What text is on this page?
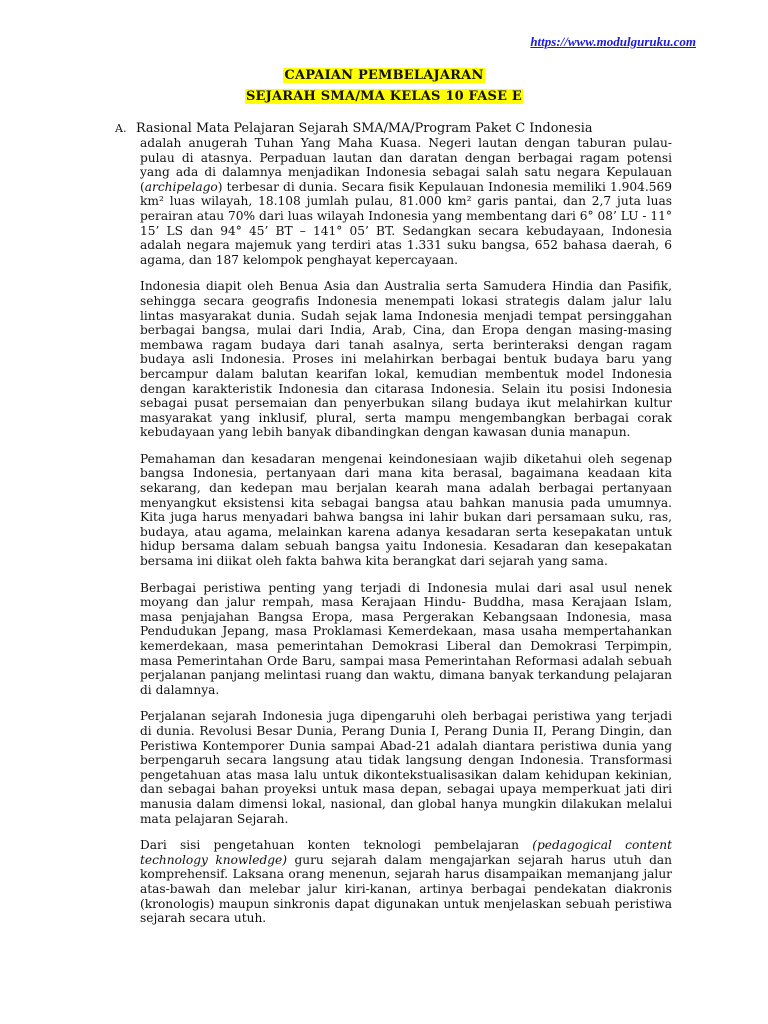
https://www.modulguruku.com
CAPAIAN PEMBELAJARAN
SEJARAH SMA/MA KELAS 10 FASE E
A. Rasional Mata Pelajaran Sejarah SMA/MA/Program Paket C Indonesia

adalah anugerah Tuhan Yang Maha Kuasa. Negeri lautan dengan taburan pulau-pulau di atasnya. Perpaduan lautan dan daratan dengan berbagai ragam potensi yang ada di dalamnya menjadikan Indonesia sebagai salah satu negara Kepulauan (archipelago) terbesar di dunia. Secara fisik Kepulauan Indonesia memiliki 1.904.569 km² luas wilayah, 18.108 jumlah pulau, 81.000 km² garis pantai, dan 2,7 juta luas perairan atau 70% dari luas wilayah Indonesia yang membentang dari 6° 08’ LU - 11° 15’ LS dan 94° 45’ BT – 141° 05’ BT. Sedangkan secara kebudayaan, Indonesia adalah negara majemuk yang terdiri atas 1.331 suku bangsa, 652 bahasa daerah, 6 agama, dan 187 kelompok penghayat kepercayaan.

Indonesia diapit oleh Benua Asia dan Australia serta Samudera Hindia dan Pasifik, sehingga secara geografis Indonesia menempati lokasi strategis dalam jalur lalu lintas masyarakat dunia. Sudah sejak lama Indonesia menjadi tempat persinggahan berbagai bangsa, mulai dari India, Arab, Cina, dan Eropa dengan masing-masing membawa ragam budaya dari tanah asalnya, serta berinteraksi dengan ragam budaya asli Indonesia. Proses ini melahirkan berbagai bentuk budaya baru yang bercampur dalam balutan kearifan lokal, kemudian membentuk model Indonesia dengan karakteristik Indonesia dan citarasa Indonesia. Selain itu posisi Indonesia sebagai pusat persemaian dan penyerbukan silang budaya ikut melahirkan kultur masyarakat yang inklusif, plural, serta mampu mengembangkan berbagai corak kebudayaan yang lebih banyak dibandingkan dengan kawasan dunia manapun.

Pemahaman dan kesadaran mengenai keindonesiaan wajib diketahui oleh segenap bangsa Indonesia, pertanyaan dari mana kita berasal, bagaimana keadaan kita sekarang, dan kedepan mau berjalan kearah mana adalah berbagai pertanyaan menyangkut eksistensi kita sebagai bangsa atau bahkan manusia pada umumnya. Kita juga harus menyadari bahwa bangsa ini lahir bukan dari persamaan suku, ras, budaya, atau agama, melainkan karena adanya kesadaran serta kesepakatan untuk hidup bersama dalam sebuah bangsa yaitu Indonesia. Kesadaran dan kesepakatan bersama ini diikat oleh fakta bahwa kita berangkat dari sejarah yang sama.

Berbagai peristiwa penting yang terjadi di Indonesia mulai dari asal usul nenek moyang dan jalur rempah, masa Kerajaan Hindu- Buddha, masa Kerajaan Islam, masa penjajahan Bangsa Eropa, masa Pergerakan Kebangsaan Indonesia, masa Pendudukan Jepang, masa Proklamasi Kemerdekaan, masa usaha mempertahankan kemerdekaan, masa pemerintahan Demokrasi Liberal dan Demokrasi Terpimpin, masa Pemerintahan Orde Baru, sampai masa Pemerintahan Reformasi adalah sebuah perjalanan panjang melintasi ruang dan waktu, dimana banyak terkandung pelajaran di dalamnya.

Perjalanan sejarah Indonesia juga dipengaruhi oleh berbagai peristiwa yang terjadi di dunia. Revolusi Besar Dunia, Perang Dunia I, Perang Dunia II, Perang Dingin, dan Peristiwa Kontemporer Dunia sampai Abad-21 adalah diantara peristiwa dunia yang berpengaruh secara langsung atau tidak langsung dengan Indonesia. Transformasi pengetahuan atas masa lalu untuk dikontekstualisasikan dalam kehidupan kekinian, dan sebagai bahan proyeksi untuk masa depan, sebagai upaya memperkuat jati diri manusia dalam dimensi lokal, nasional, dan global hanya mungkin dilakukan melalui mata pelajaran Sejarah.

Dari sisi pengetahuan konten teknologi pembelajaran (pedagogical content technology knowledge) guru sejarah dalam mengajarkan sejarah harus utuh dan komprehensif. Laksana orang menenun, sejarah harus disampaikan memanjang jalur atas-bawah dan melebar jalur kiri-kanan, artinya berbagai pendekatan diakronis (kronologis) maupun sinkronis dapat digunakan untuk menjelaskan sebuah peristiwa sejarah secara utuh.
